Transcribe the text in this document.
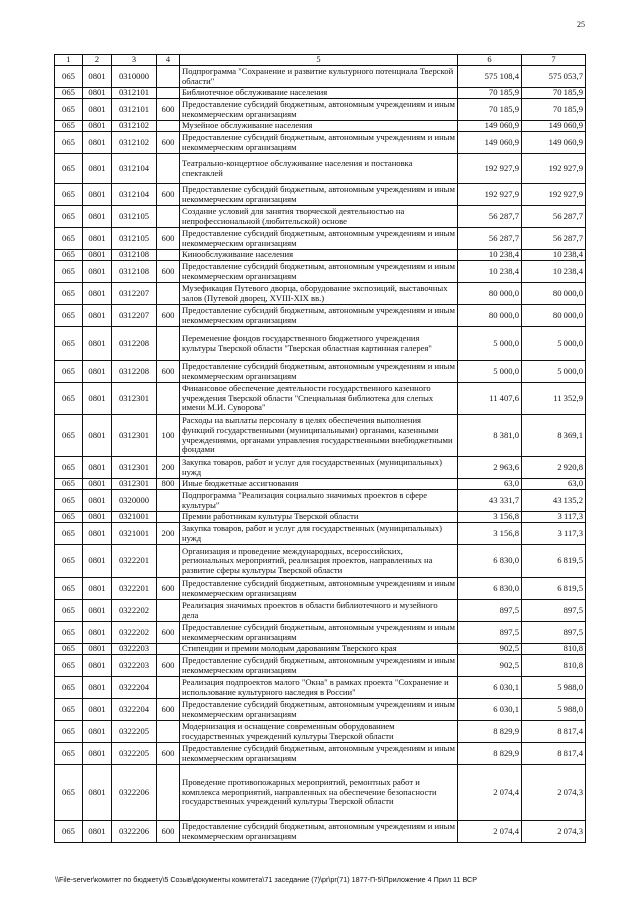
25
1	2	3	4	5	6	7
065	0801	0310000		Подпрограмма "Сохранение и развитие культурного потенциала Тверской области"	575 108,4	575 053,7
065	0801	0312101		Библиотечное обслуживание населения	70 185,9	70 185,9
065	0801	0312101	600	Предоставление субсидий бюджетным, автономным учреждениям и иным некоммерческим организациям	70 185,9	70 185,9
065	0801	0312102		Музейное обслуживание населения	149 060,9	149 060,9
065	0801	0312102	600	Предоставление субсидий бюджетным, автономным учреждениям и иным некоммерческим организациям	149 060,9	149 060,9
065	0801	0312104		Театрально-концертное обслуживание населения и постановка спектаклей	192 927,9	192 927,9
065	0801	0312104	600	Предоставление субсидий бюджетным, автономным учреждениям и иным некоммерческим организациям	192 927,9	192 927,9
065	0801	0312105		Создание условий для занятия творческой деятельностью на непрофессиональной (любительской) основе	56 287,7	56 287,7
065	0801	0312105	600	Предоставление субсидий бюджетным, автономным учреждениям и иным некоммерческим организациям	56 287,7	56 287,7
065	0801	0312108		Кинообслуживание населения	10 238,4	10 238,4
065	0801	0312108	600	Предоставление субсидий бюджетным, автономным учреждениям и иным некоммерческим организациям	10 238,4	10 238,4
065	0801	0312207		Музефикация Путевого дворца, оборудование экспозиций, выставочных залов (Путевой дворец, XVIII-XIX вв.)	80 000,0	80 000,0
065	0801	0312207	600	Предоставление субсидий бюджетным, автономным учреждениям и иным некоммерческим организациям	80 000,0	80 000,0
065	0801	0312208		Переменение фондов государственного бюджетного учреждения культуры Тверской области "Тверская областная картинная галерея"	5 000,0	5 000,0
065	0801	0312208	600	Предоставление субсидий бюджетным, автономным учреждениям и иным некоммерческим организациям	5 000,0	5 000,0
065	0801	0312301		Финансовое обеспечение деятельности государственного казенного учреждения Тверской области "Специальная библиотека для слепых имени М.И. Суворова"	11 407,6	11 352,9
065	0801	0312301	100	Расходы на выплаты персоналу в целях обеспечения выполнения функций государственными (муниципальными) органами, казенными учреждениями, органами управления государственными внебюджетными фондами	8 381,0	8 369,1
065	0801	0312301	200	Закупка товаров, работ и услуг для государственных (муниципальных) нужд	2 963,6	2 920,8
065	0801	0312301	800	Иные бюджетные ассигнования	63,0	63,0
065	0801	0320000		Подпрограмма "Реализация социально значимых проектов в сфере культуры"	43 331,7	43 135,2
065	0801	0321001		Премии работникам культуры Тверской области	3 156,8	3 117,3
065	0801	0321001	200	Закупка товаров, работ и услуг для государственных (муниципальных) нужд	3 156,8	3 117,3
065	0801	0322201		Организация и проведение международных, всероссийских, региональных мероприятий, реализация проектов, направленных на развитие сферы культуры Тверской области	6 830,0	6 819,5
065	0801	0322201	600	Предоставление субсидий бюджетным, автономным учреждениям и иным некоммерческим организациям	6 830,0	6 819,5
065	0801	0322202		Реализация значимых проектов в области библиотечного и музейного дела	897,5	897,5
065	0801	0322202	600	Предоставление субсидий бюджетным, автономным учреждениям и иным некоммерческим организациям	897,5	897,5
065	0801	0322203		Стипендии и премии молодым дарованиям Тверского края	902,5	810,8
065	0801	0322203	600	Предоставление субсидий бюджетным, автономным учреждениям и иным некоммерческим организациям	902,5	810,8
065	0801	0322204		Реализация подпроектов малого "Окна" в рамках проекта "Сохранение и использование культурного наследия в России"	6 030,1	5 988,0
065	0801	0322204	600	Предоставление субсидий бюджетным, автономным учреждениям и иным некоммерческим организациям	6 030,1	5 988,0
065	0801	0322205		Модернизация и оснащение современным оборудованием государственных учреждений культуры Тверской области	8 829,9	8 817,4
065	0801	0322205	600	Предоставление субсидий бюджетным, автономным учреждениям и иным некоммерческим организациям	8 829,9	8 817,4
065	0801	0322206		Проведение противопожарных мероприятий, ремонтных работ и комплекса мероприятий, направленных на обеспечение безопасности государственных учреждений культуры Тверской области	2 074,4	2 074,3
065	0801	0322206	600	Предоставление субсидий бюджетным, автономным учреждениям и иным некоммерческим организациям	2 074,4	2 074,3
\\File-server\комитет по бюджету\5 Созыв\документы комитета\71 заседание (7)\pr\pr(71) 1877-П-5\Приложение 4 Прил 11 ВСР
